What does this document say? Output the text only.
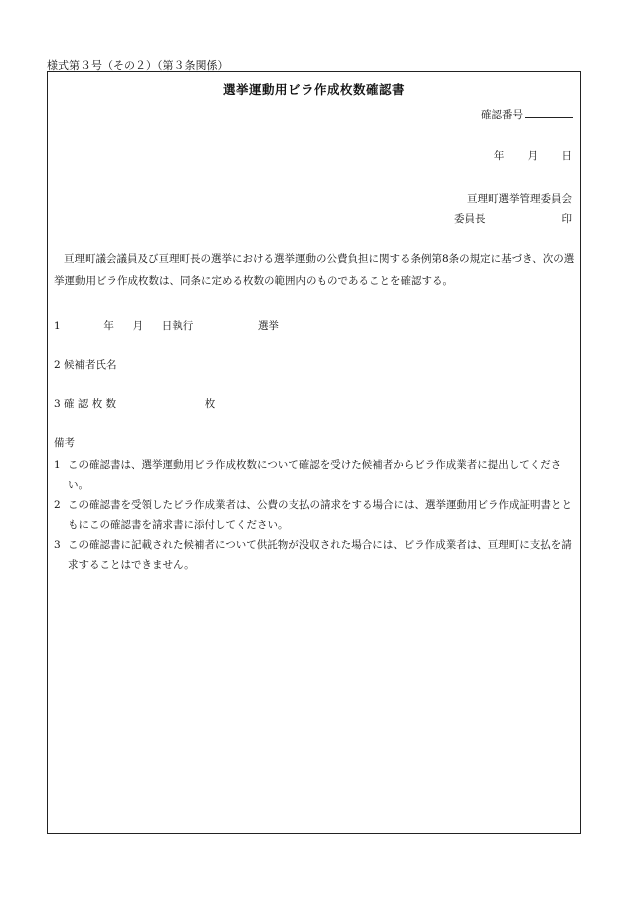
様式第３号（その２）（第３条関係）
選挙運動用ビラ作成枚数確認書
確認番号
年 月 日
亘理町選挙管理委員会
委員長	印
亘理町議会議員及び亘理町長の選挙における選挙運動の公費負担に関する条例第8条の規定に基づき、次の選挙運動用ビラ作成枚数は、同条に定める枚数の範囲内のものであることを確認する。
1	年 月 日執行	選挙
2 候補者氏名
3 確 認 枚 数	枚
備考
1 この確認書は、選挙運動用ビラ作成枚数について確認を受けた候補者からビラ作成業者に提出してください。
2 この確認書を受領したビラ作成業者は、公費の支払の請求をする場合には、選挙運動用ビラ作成証明書とともにこの確認書を請求書に添付してください。
3 この確認書に記載された候補者について供託物が没収された場合には、ビラ作成業者は、亘理町に支払を請求することはできません。
